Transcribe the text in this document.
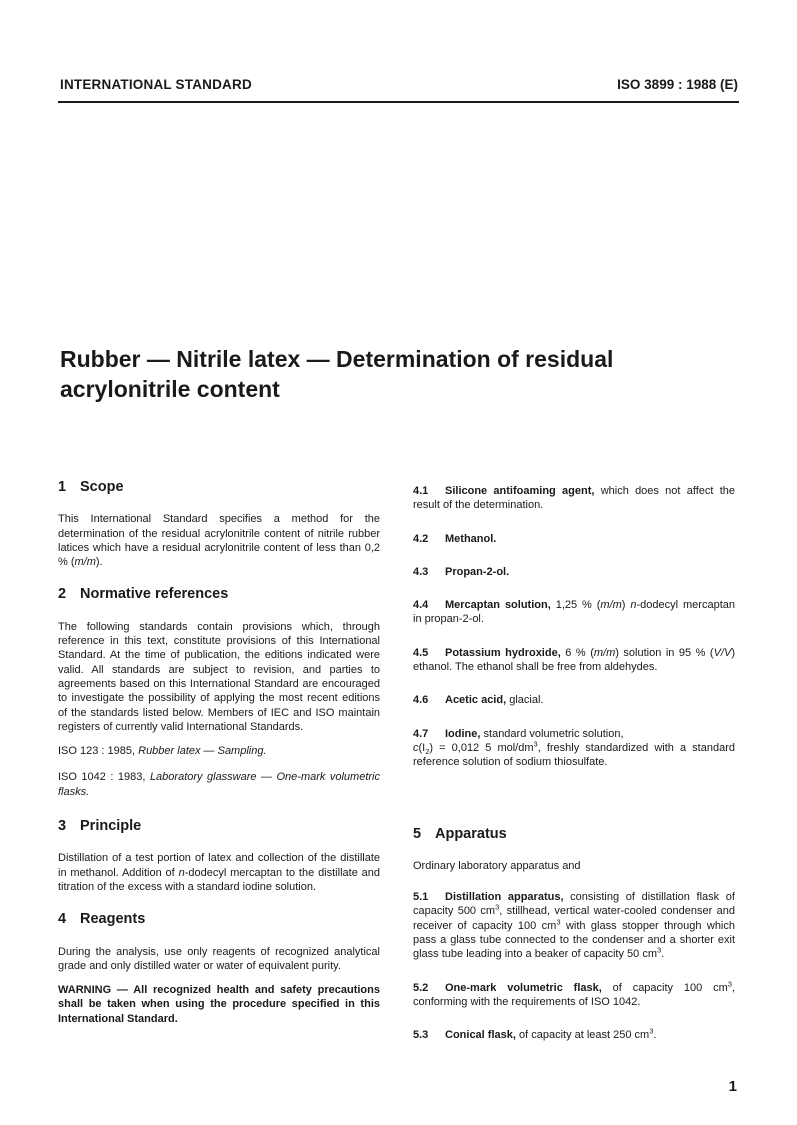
INTERNATIONAL STANDARD	ISO 3899 : 1988 (E)
Rubber — Nitrile latex — Determination of residual acrylonitrile content
1 Scope

This International Standard specifies a method for the determination of the residual acrylonitrile content of nitrile rubber latices which have a residual acrylonitrile content of less than 0,2 % (m/m).

2 Normative references

The following standards contain provisions which, through reference in this text, constitute provisions of this International Standard. At the time of publication, the editions indicated were valid. All standards are subject to revision, and parties to agreements based on this International Standard are encouraged to investigate the possibility of applying the most recent editions of the standards listed below. Members of IEC and ISO maintain registers of currently valid International Standards.

ISO 123 : 1985, Rubber latex — Sampling.

ISO 1042 : 1983, Laboratory glassware — One-mark volumetric flasks.

3 Principle

Distillation of a test portion of latex and collection of the distillate in methanol. Addition of n-dodecyl mercaptan to the distillate and titration of the excess with a standard iodine solution.

4 Reagents

During the analysis, use only reagents of recognized analytical grade and only distilled water or water of equivalent purity.

WARNING — All recognized health and safety precautions shall be taken when using the procedure specified in this International Standard.

4.1 Silicone antifoaming agent, which does not affect the result of the determination.

4.2 Methanol.

4.3 Propan-2-ol.

4.4 Mercaptan solution, 1,25 % (m/m) n-dodecyl mercaptan in propan-2-ol.

4.5 Potassium hydroxide, 6 % (m/m) solution in 95 % (V/V) ethanol. The ethanol shall be free from aldehydes.

4.6 Acetic acid, glacial.

4.7 Iodine, standard volumetric solution,
$c(I_2) = 0,012$ 5 mol/$dm^3$, freshly standardized with a standard reference solution of sodium thiosulfate.

5 Apparatus

Ordinary laboratory apparatus and

5.1 Distillation apparatus, consisting of distillation flask of capacity 500 $cm^3$, stillhead, vertical water-cooled condenser and receiver of capacity 100 $cm^3$ with glass stopper through which pass a glass tube connected to the condenser and a shorter exit glass tube leading into a beaker of capacity 50 $cm^3$.

5.2 One-mark volumetric flask, of capacity 100 $cm^3$, conforming with the requirements of ISO 1042.

5.3 Conical flask, of capacity at least 250 $cm^3$.

1
